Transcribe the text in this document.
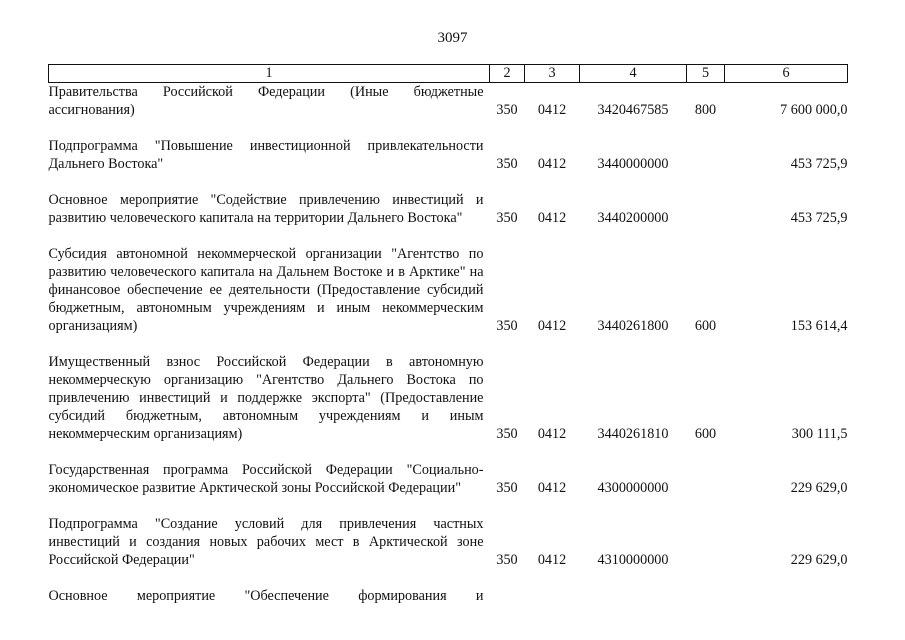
3097
1	2	3	4	5	6
Правительства Российской Федерации (Иные бюджетные ассигнования)	350	0412	3420467585	800	7 600 000,0
Подпрограмма "Повышение инвестиционной привлекательности Дальнего Востока"	350	0412	3440000000		453 725,9
Основное мероприятие "Содействие привлечению инвестиций и развитию человеческого капитала на территории Дальнего Востока"	350	0412	3440200000		453 725,9
Субсидия автономной некоммерческой организации "Агентство по развитию человеческого капитала на Дальнем Востоке и в Арктике" на финансовое обеспечение ее деятельности (Предоставление субсидий бюджетным, автономным учреждениям и иным некоммерческим организациям)	350	0412	3440261800	600	153 614,4
Имущественный взнос Российской Федерации в автономную некоммерческую организацию "Агентство Дальнего Востока по привлечению инвестиций и поддержке экспорта" (Предоставление субсидий бюджетным, автономным учреждениям и иным некоммерческим организациям)	350	0412	3440261810	600	300 111,5
Государственная программа Российской Федерации "Социально-экономическое развитие Арктической зоны Российской Федерации"	350	0412	4300000000		229 629,0
Подпрограмма "Создание условий для привлечения частных инвестиций и создания новых рабочих мест в Арктической зоне Российской Федерации"	350	0412	4310000000		229 629,0
Основное мероприятие "Обеспечение формирования и					
